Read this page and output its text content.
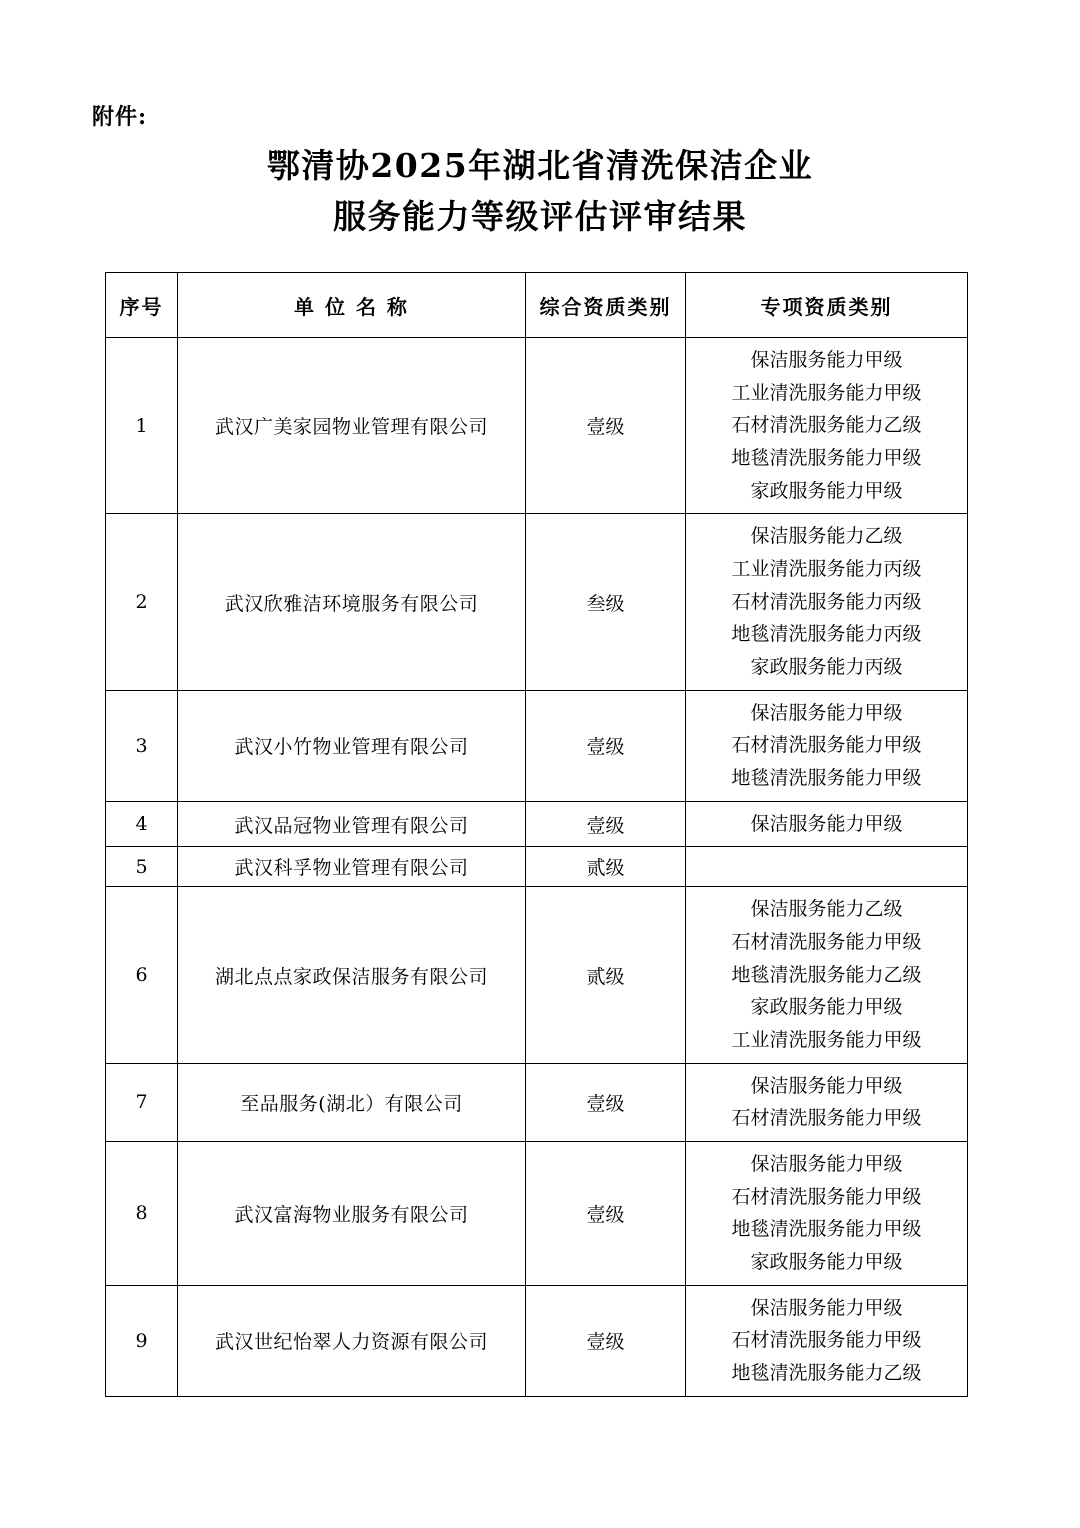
附件:
鄂清协2025年湖北省清洗保洁企业
服务能力等级评估评审结果
序号	单 位 名 称	综合资质类别	专项资质类别
1	武汉广美家园物业管理有限公司	壹级	保洁服务能力甲级
工业清洗服务能力甲级
石材清洗服务能力乙级
地毯清洗服务能力甲级
家政服务能力甲级

2	武汉欣雅洁环境服务有限公司	叁级	保洁服务能力乙级
工业清洗服务能力丙级
石材清洗服务能力丙级
地毯清洗服务能力丙级
家政服务能力丙级

3	武汉小竹物业管理有限公司	壹级	保洁服务能力甲级
石材清洗服务能力甲级
地毯清洗服务能力甲级

4	武汉品冠物业管理有限公司	壹级	保洁服务能力甲级

5	武汉科孚物业管理有限公司	贰级	
6	湖北点点家政保洁服务有限公司	贰级	保洁服务能力乙级
石材清洗服务能力甲级
地毯清洗服务能力乙级
家政服务能力甲级
工业清洗服务能力甲级

7	至品服务(湖北）有限公司	壹级	保洁服务能力甲级
石材清洗服务能力甲级

8	武汉富海物业服务有限公司	壹级	保洁服务能力甲级
石材清洗服务能力甲级
地毯清洗服务能力甲级
家政服务能力甲级

9	武汉世纪怡翠人力资源有限公司	壹级	保洁服务能力甲级
石材清洗服务能力甲级
地毯清洗服务能力乙级
